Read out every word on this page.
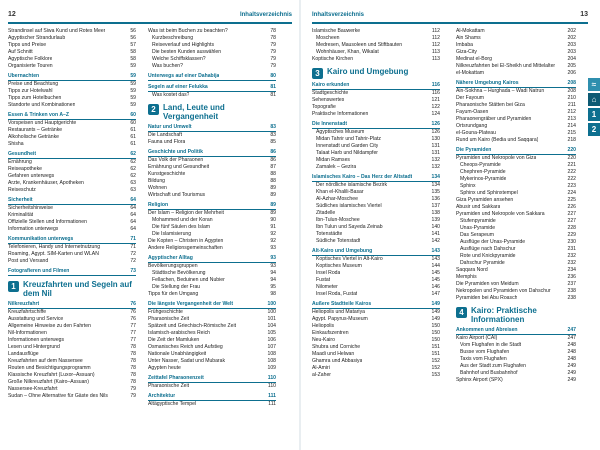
12	Inhaltsverzeichnis
Strandinsel auf Siwa Kund und Rotes Meer	56
Ägyptischer Strandurlaub	56
Tipps und Preise	57
Auf Schnitt	58
Ägyptische Folklore	58
Organisierte Touren	59
Übernachten	59
Preise und Beachtung	59
Tipps zur Hotelwahl	59
Tipps zum Hotelbuchen	59
Standorte und Kombinationen	59
Essen & Trinken von A–Z	60
Vorspeisen und Hauptgerichte	60
Restaurants – Getränke	61
Alkoholische Getränke	61
Shisha	61
Gesundheit	62
Ernährung	62
Reiseapotheke	62
Gefahren unterwegs	62
Ärzte, Krankenhäuser, Apotheken	63
Reiseschutz	63
Sicherheit	64
Sicherheitshinweise	64
Kriminalität	64
Offizielle Stellen und Informationen	64
Information unterwegs	64
Kommunikation unterwegs	71
Telefonieren, Handy und Internetnutzung	71
Roaming, Ägypt. SIM-Karten und WLAN	72
Post und Versand	72
Fotografieren und Filmen	73
1 Kreuzfahrten und Segeln auf dem Nil
Nilkreuzfahrt	76
Kreuzfahrtschiffe	76
Ausstattung und Service	76
Allgemeine Hinweise zu den Fahrten	77
Nil-Informationen	77
Informationen unterwegs	77
Lesen und Hintergrund	78
Landausflüge	78
Kreuzfahrten auf dem Nassersee	78
Routen und Besichtigungsprogramm	78
Klassische Kreuzfahrt (Luxor–Assuan)	78
Große Nilkreuzfahrt (Kairo–Assuan)	78
Nassersee-Kreuzfahrt	79
Sudan – Ohne Alternative für Gäste des Nils	79
Was ist beim Buchen zu beachten?	78
Kurzbeschreibung	78
Reiseverlauf und Highlights	79
Die besten Kunden auswählen	79
Welche Schiffsklassen?	79
Was buchen?	79
Unterwegs auf einer Dahabija	80
Segeln auf einer Felukka	81
Was kostet das?	81
2 Land, Leute und Vergangenheit
Natur und Umwelt	83
Die Landschaft	83
Fauna und Flora	85
Geschichte und Politik	86
Das Volk der Pharaonen	86
Ernährung und Gesundheit	87
Kunstgeschichte	88
Bildung	88
Wohnen	89
Wirtschaft und Tourismus	89
Religion	89
Der Islam – Religion der Mehrheit	89
Mohammed und der Koran	90
Die fünf Säulen des Islam	91
Die Islamisierung	92
Die Kopten – Christen in Ägypten	92
Andere Religionsgemeinschaften	93
Ägyptischer Alltag	93
Bevölkerungsgruppen	93
Städtische Bevölkerung	94
Fellachen, Beduinen und Nubier	94
Die Stellung der Frau	95
Tipps für den Umgang	98
Die längste Vergangenheit der Welt	100
Frühgeschichte	100
Pharaonische Zeit	101
Spätzeit und Griechisch-Römische Zeit	104
Islamisch-arabisches Reich	105
Die Zeit der Mamluken	106
Osmanisches Reich und Aufstieg	107
Nationale Unabhängigkeit	108
Unter Nasser, Sadat und Mubarak	108
Ägypten heute	109
Zeittafel Pharaonenzeit	110
Pharaonische Zeit	110
Architektur	111
Altägyptische Tempel	111
Inhaltsverzeichnis	13
Islamische Bauwerke	112
Moscheen	112
Medresen, Mausoleen und Stiftbauten	112
Wohnhäuser, Khan, Wikalat	113
Koptische Kirchen	113
3 Kairo und Umgebung
Kairo erkunden	116
Stadtgeschichte	116
Sehenswertes	121
Topografie	122
Praktische Informationen	124
Die Innenstadt	126
Ägyptisches Museum	126
Midan Tahrir und Tahrir-Platz	130
Innenstadt und Garden City	131
Talaat Harb und Nildampfer	131
Midan Ramses	132
Zamalek – Gezira	132
Islamisches Kairo – Das Herz der Altstadt	134
Der nördliche islamische Bezirk	134
Khan el-Khalili-Basar	135
Al-Azhar-Moschee	136
Südliches islamisches Viertel	137
Zitadelle	138
Ibn-Tulun-Moschee	139
Ibn Tulun und Sayeda Zeinab	140
Totenstädte	141
Südliche Totenstadt	142
Alt-Kairo und Umgebung	143
Koptisches Viertel in Alt-Kairo	143
Koptisches Museum	144
Insel Roda	145
Fustat	145
Nilometer	146
Insel Roda, Fustat	147
Äußere Stadtteile Kairos	149
Heliopolis und Matariya	149
Ägypt. Papyrus-Museum	149
Heliopolis	150
Einkaufszentren	150
Neu-Kairo	150
Shubra und Corniche	151
Maadi und Helwan	151
Ghamra und Abbasiya	152
Al-Amiri	152
al-Zaher	153
Al-Mokattam	202
Ain Shams	202
Imbaba	203
Giza-City	203
Medinat el-Borg	204
Nilkreuzfahrten bei El-Sheikh und Mittelalter	205
el-Mokattam	206
Nähere Umgebung Kairos	208
Ain-Sokhna – Hurghada – Wadi Natrun	208
Der Fayoum	210
Pharaonische Stätten bei Giza	211
Fayum-Oasen	212
Pharaonengräber und Pyramiden	213
Ortsrundgang	214
el-Gouna-Plateau	215
Rund um Kairo (Bedia und Saqqara)	218
Die Pyramiden	220
Pyramiden und Nekropole von Giza	220
Cheops-Pyramide	221
Chephren-Pyramide	222
Mykerinos-Pyramide	222
Sphinx	223
Sphinx und Sphinxtempel	224
Giza Pyramiden ansehen	225
Abusir und Sakkara	226
Pyramiden und Nekropole von Sakkara	227
Stufenpyramide	227
Unas-Pyramide	228
Das Serapeum	229
Ausflüge der Unas-Pyramide	230
Ausflüge nach Dahschur	231
Rote und Knickpyramide	232
Dahschur Pyramide	232
Saqqara Nord	234
Memphis	236
Die Pyramiden von Meidum	237
Nekropolen und Pyramiden von Dahschur	238
Pyramiden bei Abu Roasch	238
4 Kairo: Praktische Informationen
Ankommen und Abreisen	247
Kairo Airport (CAI)	247
Vom Flughafen in die Stadt	248
Busse vom Flughafen	248
Taxis vom Flughafen	248
Aus der Stadt zum Flughafen	249
Bahnhof und Busbahnhof	249
Sphinx Airport (SPX)	249
≈
⌂
1
2
